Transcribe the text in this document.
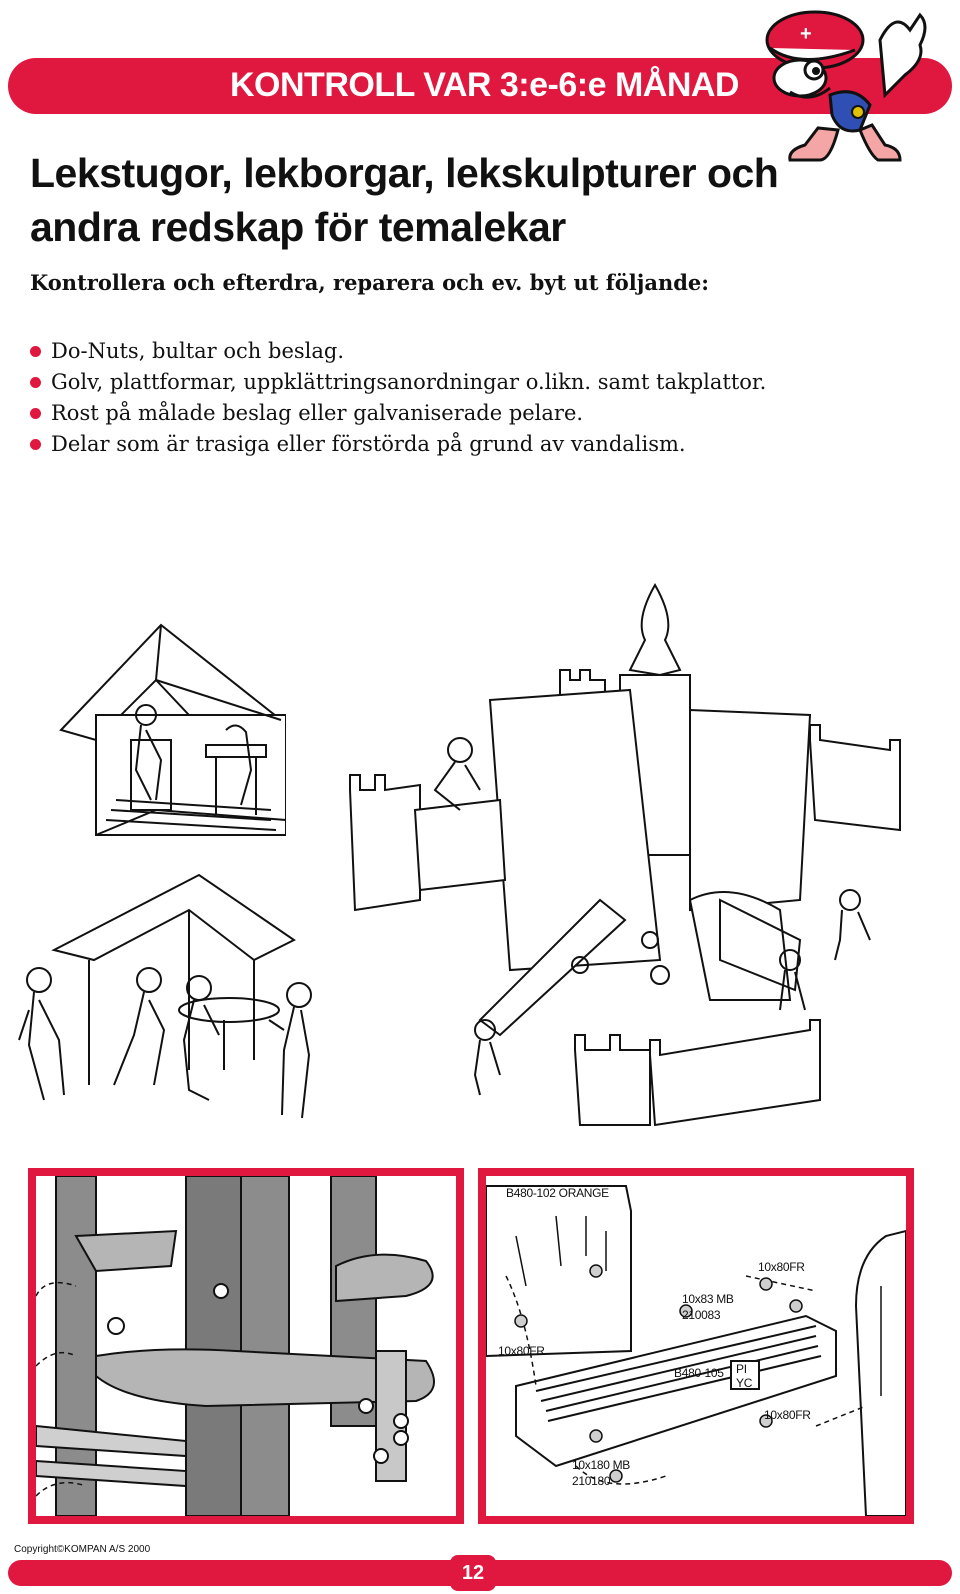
KONTROLL VAR 3:e-6:e MÅNAD
+
Lekstugor, lekborgar, lekskulpturer och andra redskap för temalekar
Kontrollera och efterdra, reparera och ev. byt ut följande:
Do-Nuts, bultar och beslag.
Golv, plattformar, uppklättringsanordningar o.likn. samt takplattor.
Rost på målade beslag eller galvaniserade pelare.
Delar som är trasiga eller förstörda på grund av vandalism.
B480-102 ORANGE
10x80FR
10x83 MB
210083
10x80FR
B480-105 PI
YC
10x80FR
10x180 MB
210180
Copyright©KOMPAN A/S 2000
12
